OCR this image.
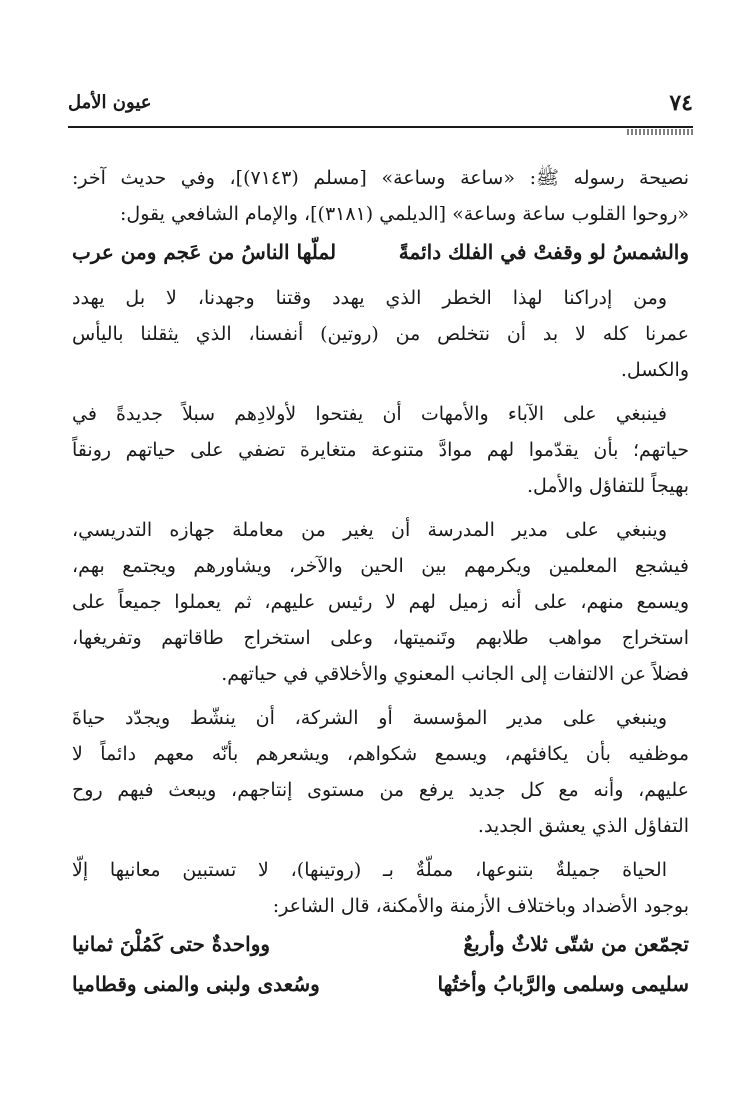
٧٤
عيون الأمل
نصيحة رسوله ﷺ: «ساعة وساعة» [مسلم (٧١٤٣)]، وفي حديث آخر:
«روحوا القلوب ساعة وساعة» [الديلمي (٣١٨١)]، والإمام الشافعي يقول:
والشمسُ لو وقفتْ في الفلك دائمةً
لملّها الناسُ من عَجم ومن عرب
ومن إدراكنا لهذا الخطر الذي يهدد وقتنا وجهدنا، لا بل يهدد
عمرنا كله لا بد أن نتخلص من (روتين) أنفسنا، الذي يثقلنا باليأس
والكسل.
فينبغي على الآباء والأمهات أن يفتحوا لأولادِهم سبلاً جديدةً في
حياتهم؛ بأن يقدّموا لهم موادَّ متنوعة متغايرة تضفي على حياتهم رونقاً
بهيجاً للتفاؤل والأمل.
وينبغي على مدير المدرسة أن يغير من معاملة جهازه التدريسي،
فيشجع المعلمين ويكرمهم بين الحين والآخر، ويشاورهم ويجتمع بهم،
ويسمع منهم، على أنه زميل لهم لا رئيس عليهم، ثم يعملوا جميعاً على
استخراج مواهب طلابهم وتَنميتها، وعلى استخراج طاقاتهم وتفريغها،
فضلاً عن الالتفات إلى الجانب المعنوي والأخلاقي في حياتهم.
وينبغي على مدير المؤسسة أو الشركة، أن ينشّط ويجدّد حياةَ
موظفيه بأن يكافئهم، ويسمع شكواهم، ويشعرهم بأنّه معهم دائماً لا
عليهم، وأنه مع كل جديد يرفع من مستوى إنتاجهم، ويبعث فيهم روح
التفاؤل الذي يعشق الجديد.
الحياة جميلةٌ بتنوعها، مملّةٌ بـ (روتينها)، لا تستبين معانيها إلّا
بوجود الأضداد وباختلاف الأزمنة والأمكنة، قال الشاعر:
تجمّعن من شتّى ثلاثٌ وأربعٌ
وواحدةٌ حتى كَمُلْنَ ثمانيا
سليمى وسلمى والرَّبابُ وأختُها
وسُعدى ولبنى والمنى وقطاميا
